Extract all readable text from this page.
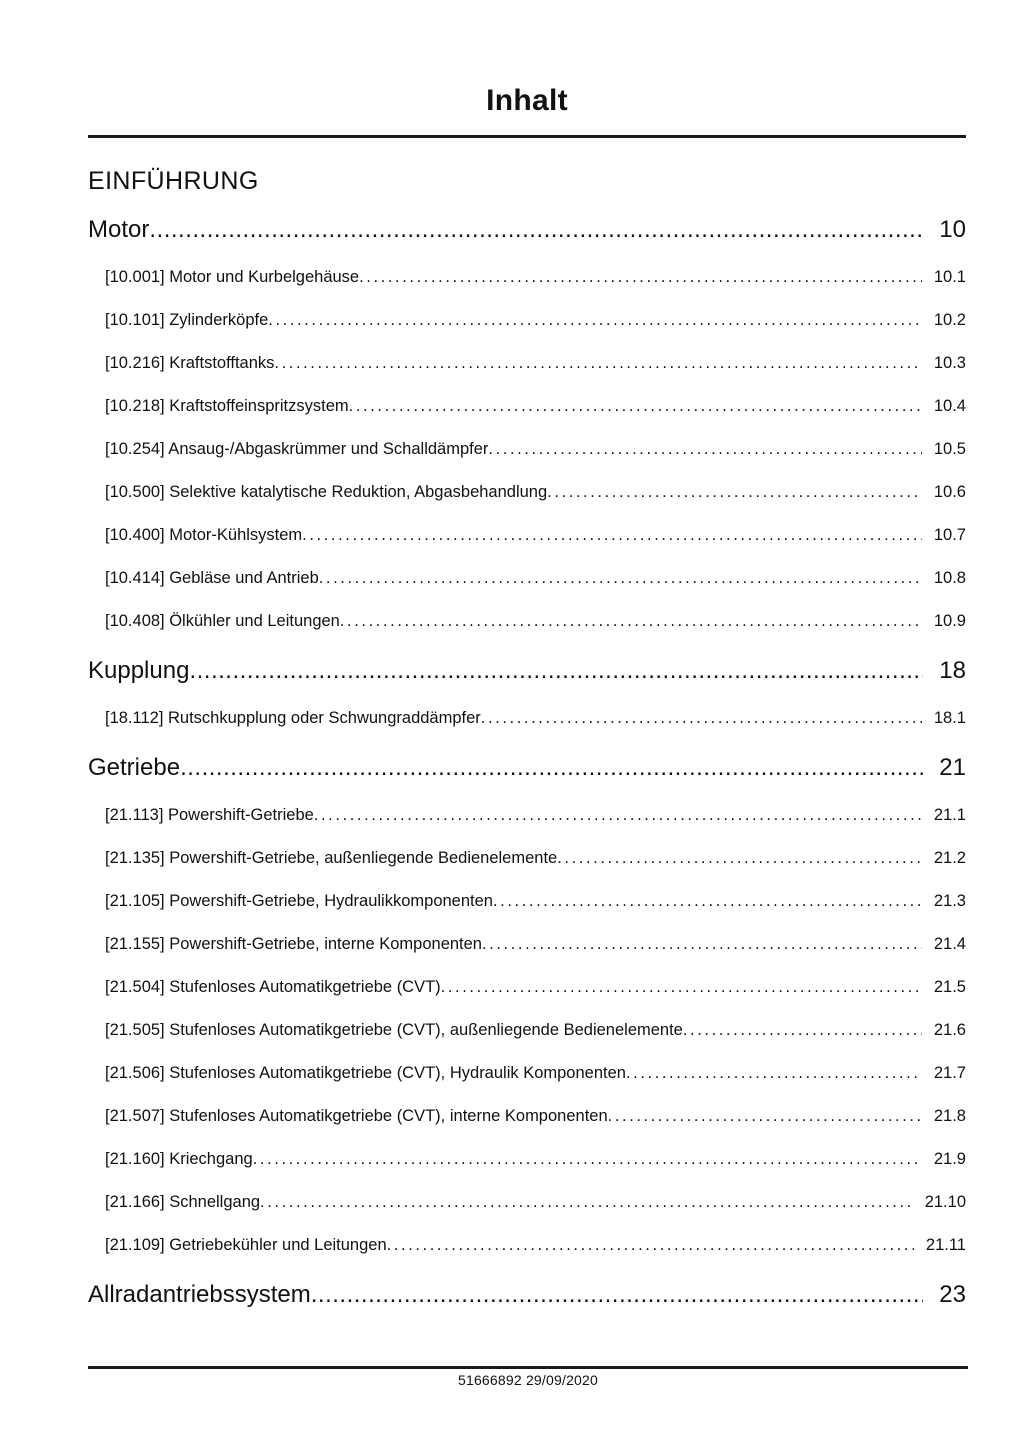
Inhalt
EINFÜHRUNG
Motor .....	10
[10.001] Motor und Kurbelgehäuse .....	10.1
[10.101] Zylinderköpfe .....	10.2
[10.216] Kraftstofftanks .....	10.3
[10.218] Kraftstoffeinspritzsystem .....	10.4
[10.254] Ansaug-/Abgaskrümmer und Schalldämpfer .....	10.5
[10.500] Selektive katalytische Reduktion, Abgasbehandlung .....	10.6
[10.400] Motor-Kühlsystem .....	10.7
[10.414] Gebläse und Antrieb .....	10.8
[10.408] Ölkühler und Leitungen .....	10.9
Kupplung .....	18
[18.112] Rutschkupplung oder Schwungraddämpfer .....	18.1
Getriebe .....	21
[21.113] Powershift-Getriebe .....	21.1
[21.135] Powershift-Getriebe, außenliegende Bedienelemente .....	21.2
[21.105] Powershift-Getriebe, Hydraulikkomponenten .....	21.3
[21.155] Powershift-Getriebe, interne Komponenten .....	21.4
[21.504] Stufenloses Automatikgetriebe (CVT) .....	21.5
[21.505] Stufenloses Automatikgetriebe (CVT), außenliegende Bedienelemente .....	21.6
[21.506] Stufenloses Automatikgetriebe (CVT), Hydraulik Komponenten .....	21.7
[21.507] Stufenloses Automatikgetriebe (CVT), interne Komponenten .....	21.8
[21.160] Kriechgang .....	21.9
[21.166] Schnellgang .....	21.10
[21.109] Getriebekühler und Leitungen .....	21.11
Allradantriebssystem .....	23
51666892 29/09/2020
